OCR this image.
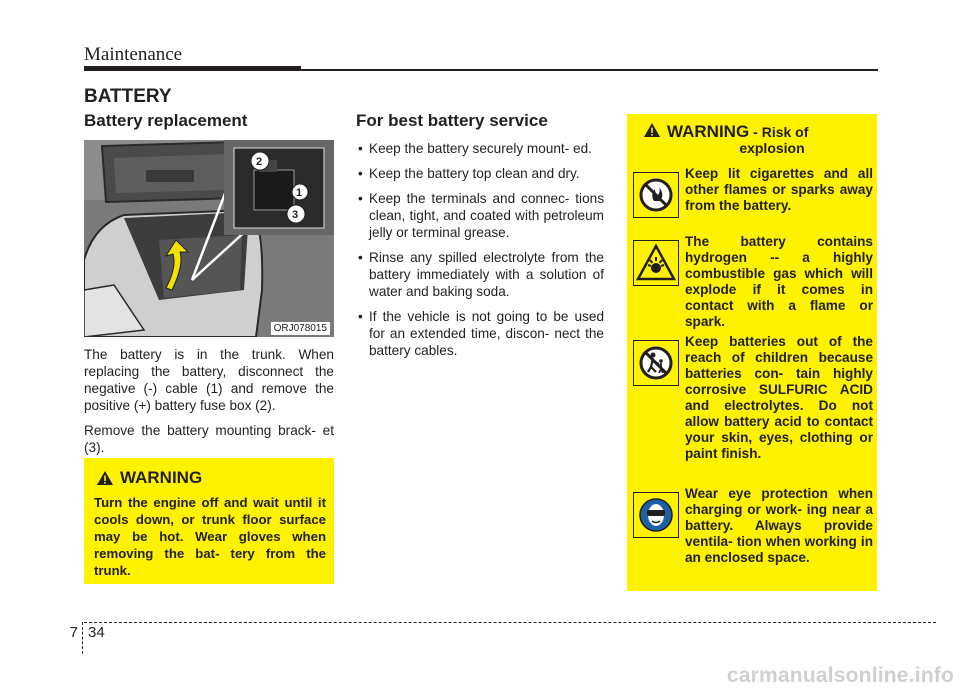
Maintenance
BATTERY
Battery replacement	For best battery service
2
1
3
ORJ078015

The battery is in the trunk. When replacing the battery, disconnect the negative (-) cable (1) and remove the positive (+) battery fuse box (2).

Remove the battery mounting brack- et (3).

• Keep the battery securely mount- ed.
• Keep the battery top clean and dry.
• Keep the terminals and connec- tions clean, tight, and coated with petroleum jelly or terminal grease.
• Rinse any spilled electrolyte from the battery immediately with a solution of water and baking soda.
• If the vehicle is not going to be used for an extended time, discon- nect the battery cables.
WARNING
Turn the engine off and wait until it cools down, or trunk floor surface may be hot. Wear gloves when removing the bat- tery from the trunk.
WARNING - Risk of
explosion
Keep lit cigarettes and all other flames or sparks away from the battery.
The battery contains hydrogen -- a highly combustible gas which will explode if it comes in contact with a flame or spark.
Keep batteries out of the reach of children because batteries con- tain highly corrosive SULFURIC ACID and electrolytes. Do not allow battery acid to contact your skin, eyes, clothing or paint finish.
Wear eye protection when charging or work- ing near a battery. Always provide ventila- tion when working in an enclosed space.
7 34
carmanualsonline.info
